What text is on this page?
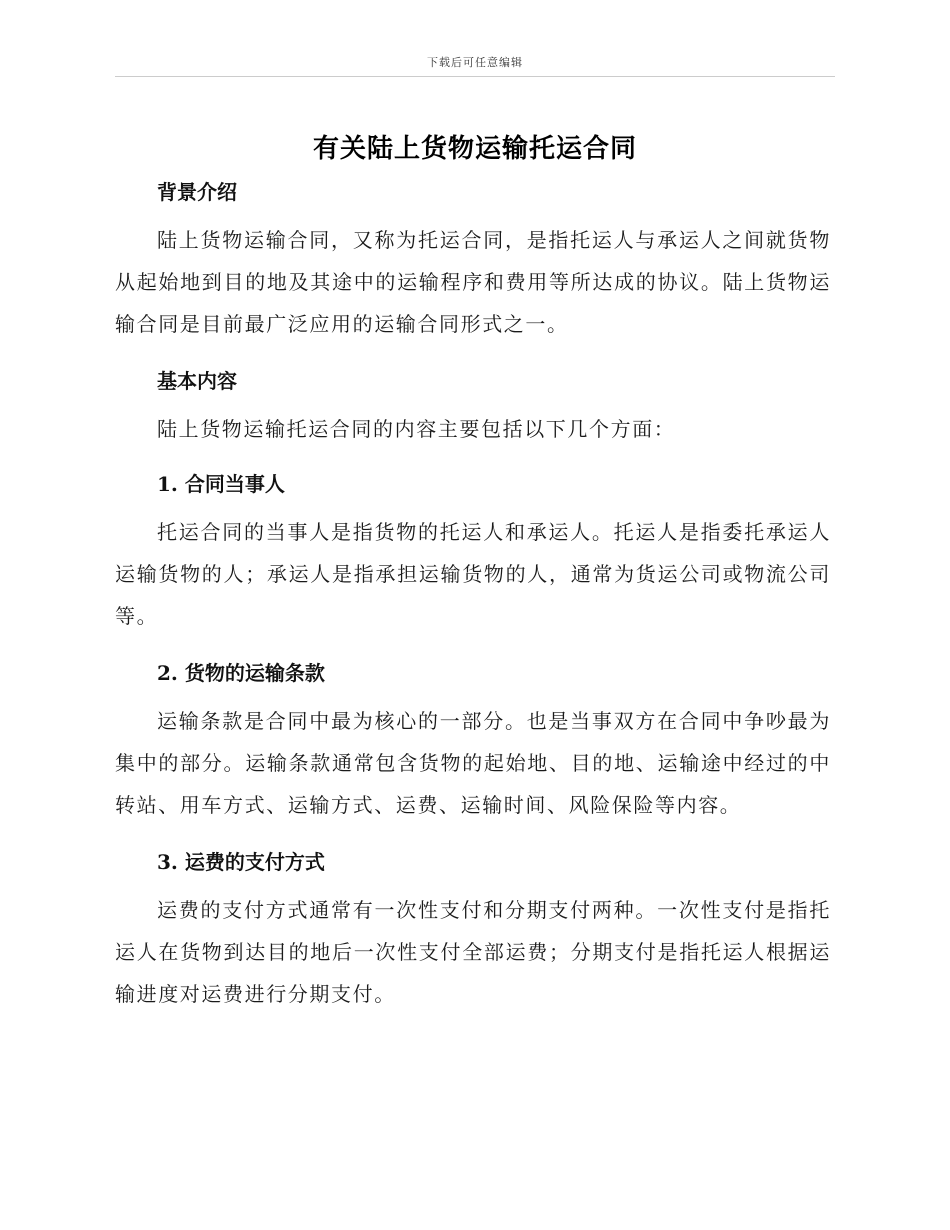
下载后可任意编辑
有关陆上货物运输托运合同
背景介绍

陆上货物运输合同，又称为托运合同，是指托运人与承运人之间就货物从起始地到目的地及其途中的运输程序和费用等所达成的协议。陆上货物运输合同是目前最广泛应用的运输合同形式之一。

基本内容

陆上货物运输托运合同的内容主要包括以下几个方面：

1. 合同当事人

托运合同的当事人是指货物的托运人和承运人。托运人是指委托承运人运输货物的人；承运人是指承担运输货物的人，通常为货运公司或物流公司等。

2. 货物的运输条款

运输条款是合同中最为核心的一部分。也是当事双方在合同中争吵最为集中的部分。运输条款通常包含货物的起始地、目的地、运输途中经过的中转站、用车方式、运输方式、运费、运输时间、风险保险等内容。

3. 运费的支付方式

运费的支付方式通常有一次性支付和分期支付两种。一次性支付是指托运人在货物到达目的地后一次性支付全部运费；分期支付是指托运人根据运输进度对运费进行分期支付。
